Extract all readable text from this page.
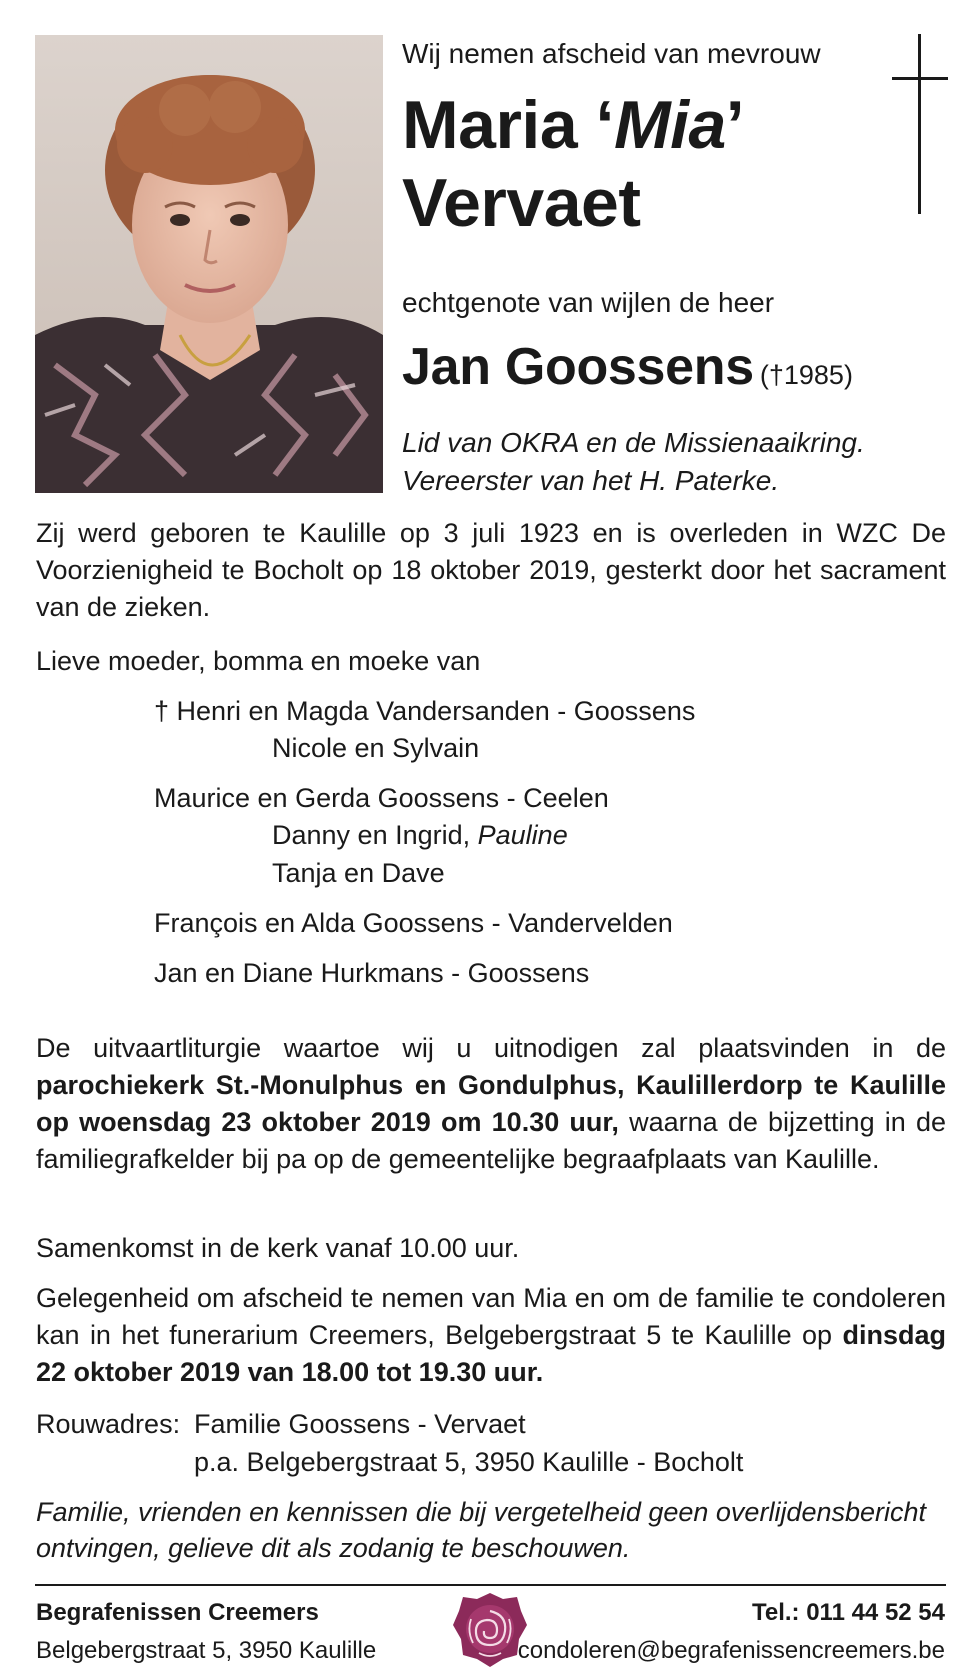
Wij nemen afscheid van mevrouw
Maria ‘Mia’
Vervaet
echtgenote van wijlen de heer
Jan Goossens (†1985)
Lid van OKRA en de Missienaaikring.
Vereerster van het H. Paterke.
Zij werd geboren te Kaulille op 3 juli 1923 en is overleden in WZC De Voorzienigheid te Bocholt op 18 oktober 2019, gesterkt door het sacrament van de zieken.
Lieve moeder, bomma en moeke van
† Henri en Magda Vandersanden - Goossens
Nicole en Sylvain
Maurice en Gerda Goossens - Ceelen
Danny en Ingrid, Pauline
Tanja en Dave
François en Alda Goossens - Vandervelden
Jan en Diane Hurkmans - Goossens
De uitvaartliturgie waartoe wij u uitnodigen zal plaatsvinden in de parochiekerk St.-Monulphus en Gondulphus, Kaulillerdorp te Kaulille op woensdag 23 oktober 2019 om 10.30 uur, waarna de bijzetting in de familiegrafkelder bij pa op de gemeentelijke begraafplaats van Kaulille.
Samenkomst in de kerk vanaf 10.00 uur.
Gelegenheid om afscheid te nemen van Mia en om de familie te condoleren kan in het funerarium Creemers, Belgebergstraat 5 te Kaulille op dinsdag 22 oktober 2019 van 18.00 tot 19.30 uur.
Rouwadres: Familie Goossens - Vervaet
p.a. Belgebergstraat 5, 3950 Kaulille - Bocholt
Familie, vrienden en kennissen die bij vergetelheid geen overlijdensbericht ontvingen, gelieve dit als zodanig te beschouwen.
Begrafenissen Creemers
Belgebergstraat 5, 3950 Kaulille
Tel.: 011 44 52 54
condoleren@begrafenissencreemers.be
